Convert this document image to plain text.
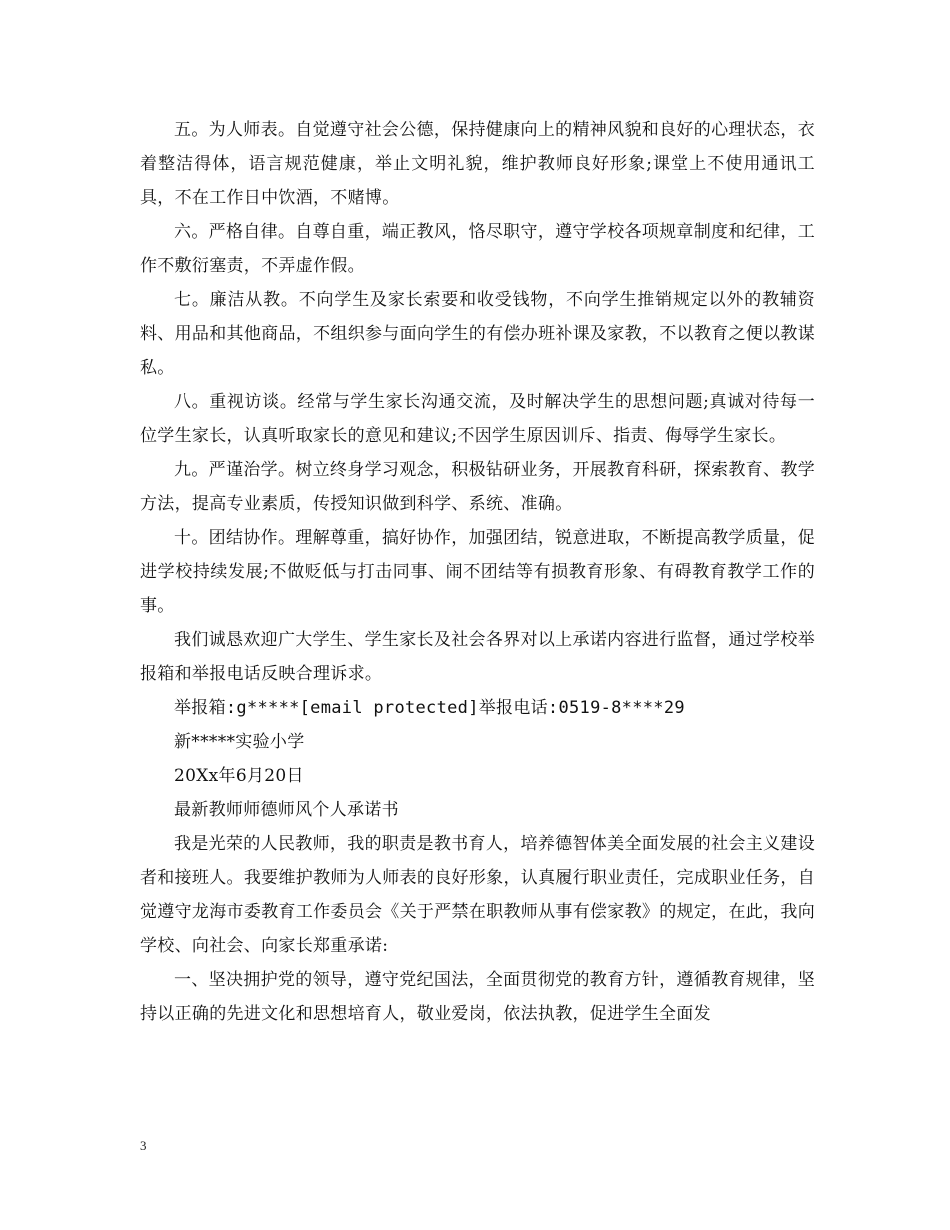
五。为人师表。自觉遵守社会公德，保持健康向上的精神风貌和良好的心理状态，衣着整洁得体，语言规范健康，举止文明礼貌，维护教师良好形象;课堂上不使用通讯工具，不在工作日中饮酒，不赌博。

六。严格自律。自尊自重，端正教风，恪尽职守，遵守学校各项规章制度和纪律，工作不敷衍塞责，不弄虚作假。

七。廉洁从教。不向学生及家长索要和收受钱物，不向学生推销规定以外的教辅资料、用品和其他商品，不组织参与面向学生的有偿办班补课及家教，不以教育之便以教谋私。

八。重视访谈。经常与学生家长沟通交流，及时解决学生的思想问题;真诚对待每一位学生家长，认真听取家长的意见和建议;不因学生原因训斥、指责、侮辱学生家长。

九。严谨治学。树立终身学习观念，积极钻研业务，开展教育科研，探索教育、教学方法，提高专业素质，传授知识做到科学、系统、准确。

十。团结协作。理解尊重，搞好协作，加强团结，锐意进取，不断提高教学质量，促进学校持续发展;不做贬低与打击同事、闹不团结等有损教育形象、有碍教育教学工作的事。

我们诚恳欢迎广大学生、学生家长及社会各界对以上承诺内容进行监督，通过学校举报箱和举报电话反映合理诉求。

举报箱:g*****[email protected]举报电话:0519-8****29

新*****实验小学

20Xx年6月20日

最新教师师德师风个人承诺书

我是光荣的人民教师，我的职责是教书育人，培养德智体美全面发展的社会主义建设者和接班人。我要维护教师为人师表的良好形象，认真履行职业责任，完成职业任务，自觉遵守龙海市委教育工作委员会《关于严禁在职教师从事有偿家教》的规定，在此，我向学校、向社会、向家长郑重承诺:

一、坚决拥护党的领导，遵守党纪国法，全面贯彻党的教育方针，遵循教育规律，坚持以正确的先进文化和思想培育人，敬业爱岗，依法执教，促进学生全面发

3
